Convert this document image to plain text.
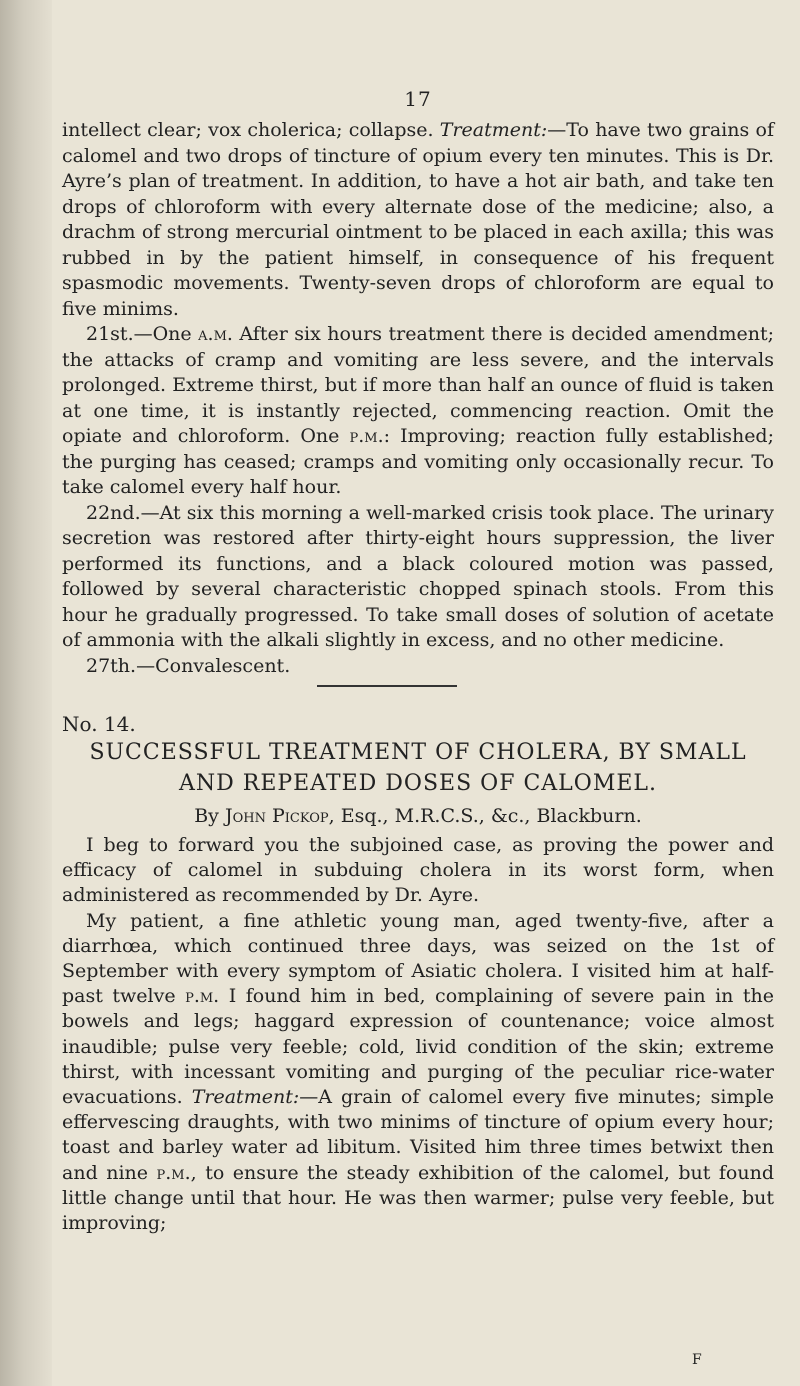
17

intellect clear; vox cholerica; collapse. Treatment:—To have two grains of calomel and two drops of tincture of opium every ten minutes. This is Dr. Ayre’s plan of treatment. In addition, to have a hot air bath, and take ten drops of chloroform with every alternate dose of the medicine; also, a drachm of strong mercurial ointment to be placed in each axilla; this was rubbed in by the patient himself, in consequence of his frequent spasmodic movements. Twenty-seven drops of chloroform are equal to five minims.

21st.—One a.m. After six hours treatment there is decided amendment; the attacks of cramp and vomiting are less severe, and the intervals prolonged. Extreme thirst, but if more than half an ounce of fluid is taken at one time, it is instantly rejected, commencing reaction. Omit the opiate and chloroform. One p.m.: Improving; reaction fully established; the purging has ceased; cramps and vomiting only occasionally recur. To take calomel every half hour.

22nd.—At six this morning a well-marked crisis took place. The urinary secretion was restored after thirty-eight hours suppression, the liver performed its functions, and a black coloured motion was passed, followed by several characteristic chopped spinach stools. From this hour he gradually progressed. To take small doses of solution of acetate of ammonia with the alkali slightly in excess, and no other medicine.

27th.—Convalescent.

No. 14.
SUCCESSFUL TREATMENT OF CHOLERA, BY SMALL
AND REPEATED DOSES OF CALOMEL.
By John Pickop, Esq., M.R.C.S., &c., Blackburn.

I beg to forward you the subjoined case, as proving the power and efficacy of calomel in subduing cholera in its worst form, when administered as recommended by Dr. Ayre.

My patient, a fine athletic young man, aged twenty-five, after a diarrhœa, which continued three days, was seized on the 1st of September with every symptom of Asiatic cholera. I visited him at half-past twelve p.m. I found him in bed, complaining of severe pain in the bowels and legs; haggard expression of countenance; voice almost inaudible; pulse very feeble; cold, livid condition of the skin; extreme thirst, with incessant vomiting and purging of the peculiar rice-water evacuations. Treatment:—A grain of calomel every five minutes; simple effervescing draughts, with two minims of tincture of opium every hour; toast and barley water ad libitum. Visited him three times betwixt then and nine p.m., to ensure the steady exhibition of the calomel, but found little change until that hour. He was then warmer; pulse very feeble, but improving;

F
